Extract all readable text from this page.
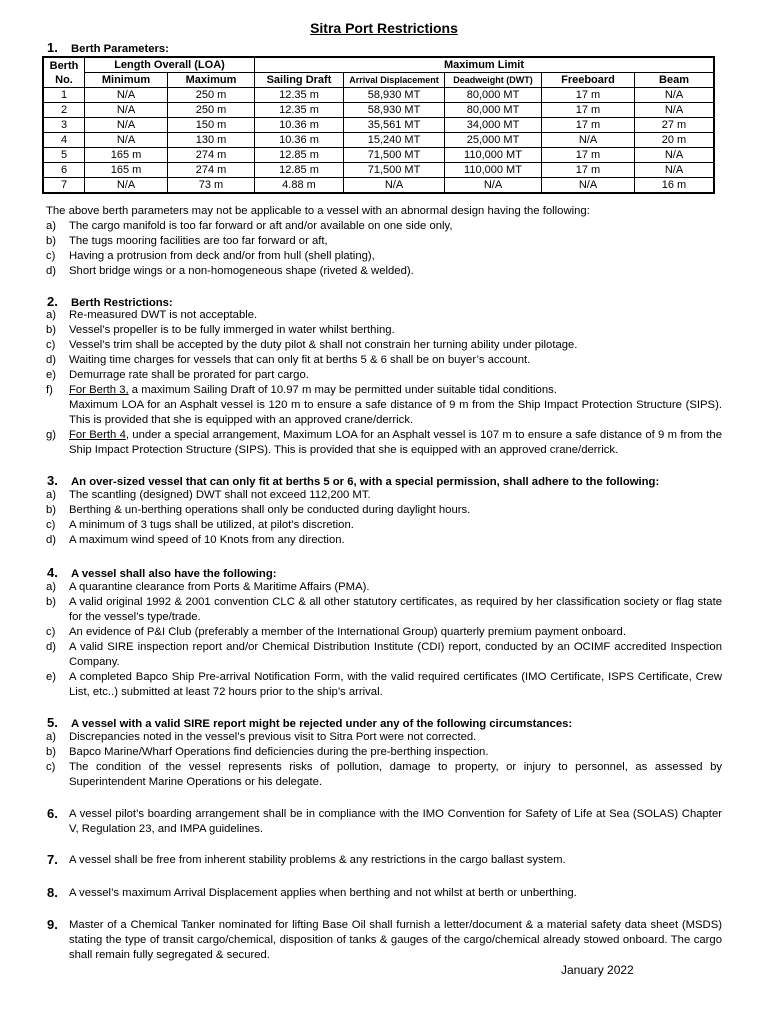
Sitra Port Restrictions
1. Berth Parameters:
Berth No.	Length Overall (LOA)		Maximum Limit				
	Minimum	Maximum	Sailing Draft	Arrival Displacement	Deadweight (DWT)	Freeboard	Beam
1	N/A	250 m	12.35 m	58,930 MT	80,000 MT	17 m	N/A
2	N/A	250 m	12.35 m	58,930 MT	80,000 MT	17 m	N/A
3	N/A	150 m	10.36 m	35,561 MT	34,000 MT	17 m	27 m
4	N/A	130 m	10.36 m	15,240 MT	25,000 MT	N/A	20 m
5	165 m	274 m	12.85 m	71,500 MT	110,000 MT	17 m	N/A
6	165 m	274 m	12.85 m	71,500 MT	110,000 MT	17 m	N/A
7	N/A	73 m	4.88 m	N/A	N/A	N/A	16 m
The above berth parameters may not be applicable to a vessel with an abnormal design having the following:
a) The cargo manifold is too far forward or aft and/or available on one side only,
b) The tugs mooring facilities are too far forward or aft,
c) Having a protrusion from deck and/or from hull (shell plating),
d) Short bridge wings or a non-homogeneous shape (riveted & welded).
2. Berth Restrictions:
a) Re-measured DWT is not acceptable.
b) Vessel’s propeller is to be fully immerged in water whilst berthing.
c) Vessel’s trim shall be accepted by the duty pilot & shall not constrain her turning ability under pilotage.
d) Waiting time charges for vessels that can only fit at berths 5 & 6 shall be on buyer’s account.
e) Demurrage rate shall be prorated for part cargo.
f) For Berth 3, a maximum Sailing Draft of 10.97 m may be permitted under suitable tidal conditions.
Maximum LOA for an Asphalt vessel is 120 m to ensure a safe distance of 9 m from the Ship Impact Protection Structure (SIPS). This is provided that she is equipped with an approved crane/derrick.
g) For Berth 4, under a special arrangement, Maximum LOA for an Asphalt vessel is 107 m to ensure a safe distance of 9 m from the Ship Impact Protection Structure (SIPS). This is provided that she is equipped with an approved crane/derrick.
3. An over-sized vessel that can only fit at berths 5 or 6, with a special permission, shall adhere to the following:
a) The scantling (designed) DWT shall not exceed 112,200 MT.
b) Berthing & un-berthing operations shall only be conducted during daylight hours.
c) A minimum of 3 tugs shall be utilized, at pilot’s discretion.
d) A maximum wind speed of 10 Knots from any direction.
4. A vessel shall also have the following:
a) A quarantine clearance from Ports & Maritime Affairs (PMA).
b) A valid original 1992 & 2001 convention CLC & all other statutory certificates, as required by her classification society or flag state for the vessel’s type/trade.
c) An evidence of P&I Club (preferably a member of the International Group) quarterly premium payment onboard.
d) A valid SIRE inspection report and/or Chemical Distribution Institute (CDI) report, conducted by an OCIMF accredited Inspection Company.
e) A completed Bapco Ship Pre-arrival Notification Form, with the valid required certificates (IMO Certificate, ISPS Certificate, Crew List, etc..) submitted at least 72 hours prior to the ship’s arrival.
5. A vessel with a valid SIRE report might be rejected under any of the following circumstances:
a) Discrepancies noted in the vessel’s previous visit to Sitra Port were not corrected.
b) Bapco Marine/Wharf Operations find deficiencies during the pre-berthing inspection.
c) The condition of the vessel represents risks of pollution, damage to property, or injury to personnel, as assessed by Superintendent Marine Operations or his delegate.
6. A vessel pilot’s boarding arrangement shall be in compliance with the IMO Convention for Safety of Life at Sea (SOLAS) Chapter V, Regulation 23, and IMPA guidelines.
7. A vessel shall be free from inherent stability problems & any restrictions in the cargo ballast system.
8. A vessel’s maximum Arrival Displacement applies when berthing and not whilst at berth or unberthing.
9. Master of a Chemical Tanker nominated for lifting Base Oil shall furnish a letter/document & a material safety data sheet (MSDS) stating the type of transit cargo/chemical, disposition of tanks & gauges of the cargo/chemical already stowed onboard. The cargo shall remain fully segregated & secured.
January 2022
